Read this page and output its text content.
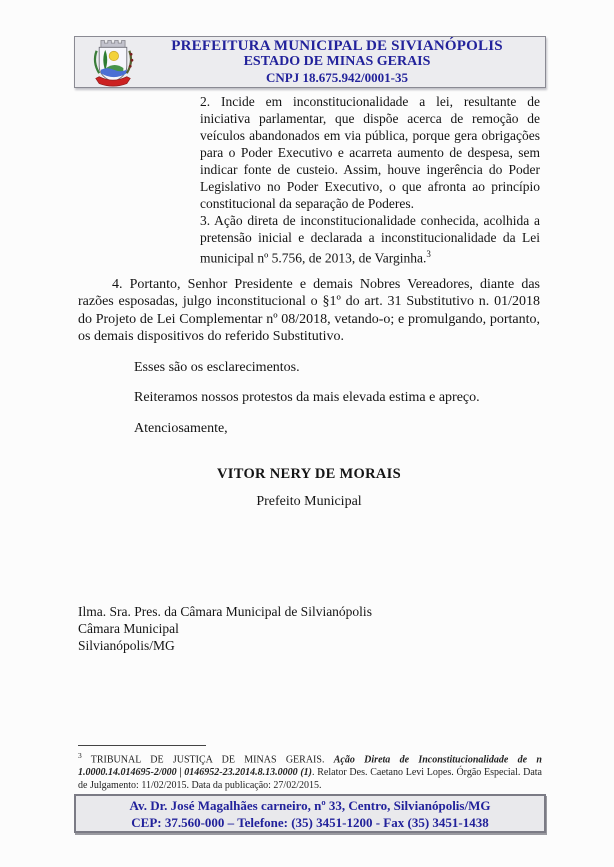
PREFEITURA MUNICIPAL DE SIVIANÓPOLIS
ESTADO DE MINAS GERAIS
CNPJ 18.675.942/0001-35

2. Incide em inconstitucionalidade a lei, resultante de iniciativa parlamentar, que dispõe acerca de remoção de veículos abandonados em via pública, porque gera obrigações para o Poder Executivo e acarreta aumento de despesa, sem indicar fonte de custeio. Assim, houve ingerência do Poder Legislativo no Poder Executivo, o que afronta ao princípio constitucional da separação de Poderes.

3. Ação direta de inconstitucionalidade conhecida, acolhida a pretensão inicial e declarada a inconstitucionalidade da Lei municipal nº 5.756, de 2013, de Varginha.$^3$

4. Portanto, Senhor Presidente e demais Nobres Vereadores, diante das razões esposadas, julgo inconstitucional o §1º do art. 31 Substitutivo n. 01/2018 do Projeto de Lei Complementar nº 08/2018, vetando-o; e promulgando, portanto, os demais dispositivos do referido Substitutivo.

Esses são os esclarecimentos.

Reiteramos nossos protestos da mais elevada estima e apreço.

Atenciosamente,

VITOR NERY DE MORAIS
Prefeito Municipal
Ilma. Sra. Pres. da Câmara Municipal de Silvianópolis
Câmara Municipal
Silvianópolis/MG

$^3$ TRIBUNAL DE JUSTIÇA DE MINAS GERAIS. Ação Direta de Inconstitucionalidade de n 1.0000.14.014695-2/000 | 0146952-23.2014.8.13.0000 (1). Relator Des. Caetano Levi Lopes. Órgão Especial. Data de Julgamento: 11/02/2015. Data da publicação: 27/02/2015.

Av. Dr. José Magalhães carneiro, nº 33, Centro, Silvianópolis/MG
CEP: 37.560-000 – Telefone: (35) 3451-1200 - Fax (35) 3451-1438
